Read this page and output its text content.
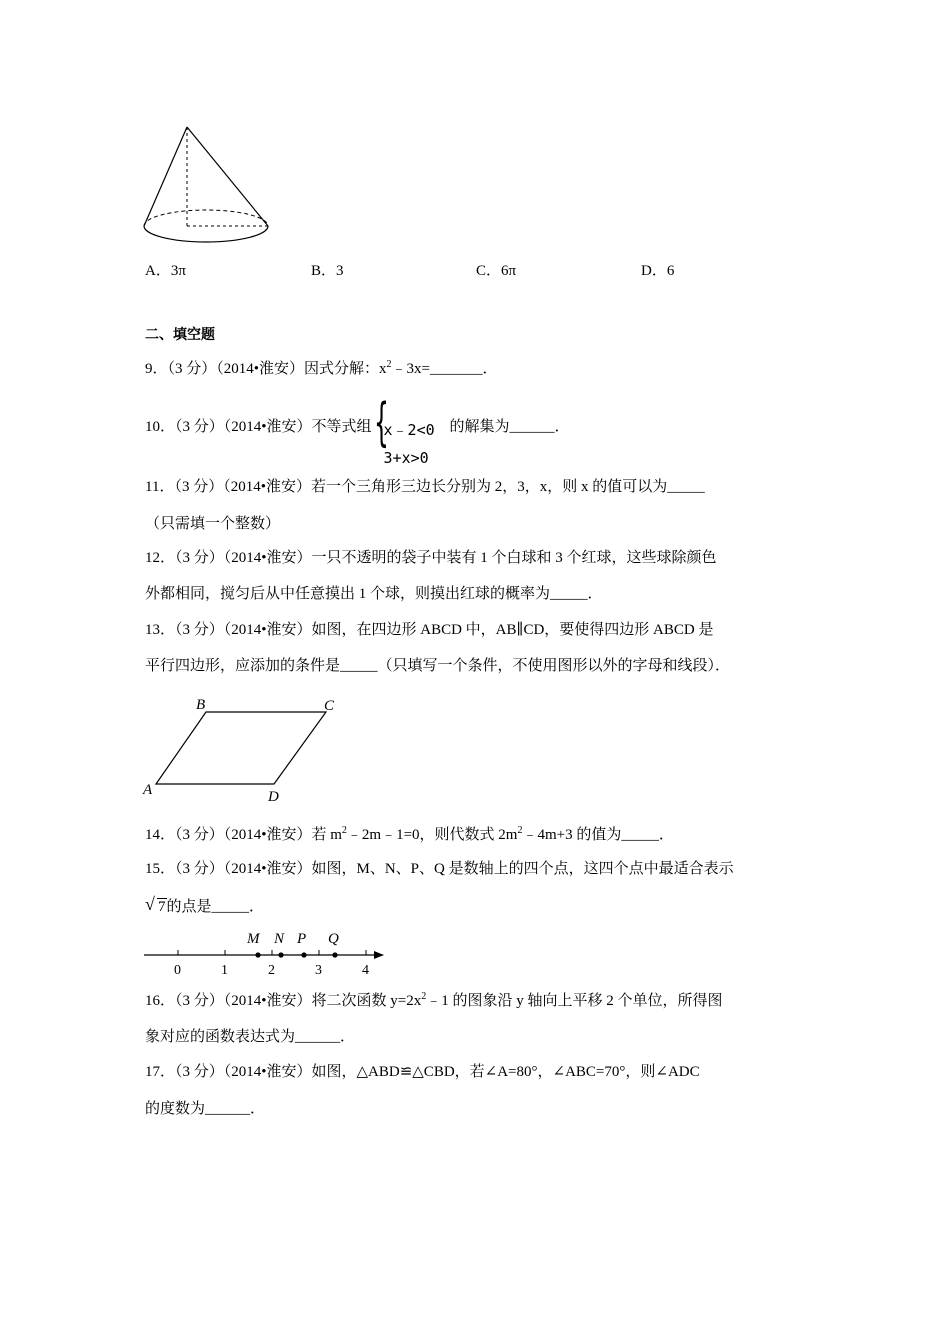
A．3π	B．3	C．6π	D．6
二、填空题
9．（3 分）（2014•淮安）因式分解：$x^2﹣3x=\_\_\_\_\_\_\_$．
10．（3 分）（2014•淮安）不等式组 {
x﹣2<0
3+x>0
的解集为______．
11．（3 分）（2014•淮安）若一个三角形三边长分别为 2，3，x，则 x 的值可以为_____
（只需填一个整数）
12．（3 分）（2014•淮安）一只不透明的袋子中装有 1 个白球和 3 个红球，这些球除颜色
外都相同，搅匀后从中任意摸出 1 个球，则摸出红球的概率为_____．
13．（3 分）（2014•淮安）如图，在四边形 ABCD 中，AB∥CD，要使得四边形 ABCD 是
平行四边形，应添加的条件是_____（只填写一个条件，不使用图形以外的字母和线段）．
A
B	C
D
14．（3 分）（2014•淮安）若 $m^2﹣2m﹣1=0$，则代数式 $2m^2﹣4m+3$ 的值为_____．
15．（3 分）（2014•淮安）如图，M、N、P、Q 是数轴上的四个点，这四个点中最适合表示
√ 7的点是_____．
0	1	2	3	4
M N P Q
16．（3 分）（2014•淮安）将二次函数 $y=2x^2﹣1$ 的图象沿 y 轴向上平移 2 个单位，所得图
象对应的函数表达式为______．
17．（3 分）（2014•淮安）如图，△ABD≌△CBD，若∠A=80°，∠ABC=70°，则∠ADC
的度数为______．
